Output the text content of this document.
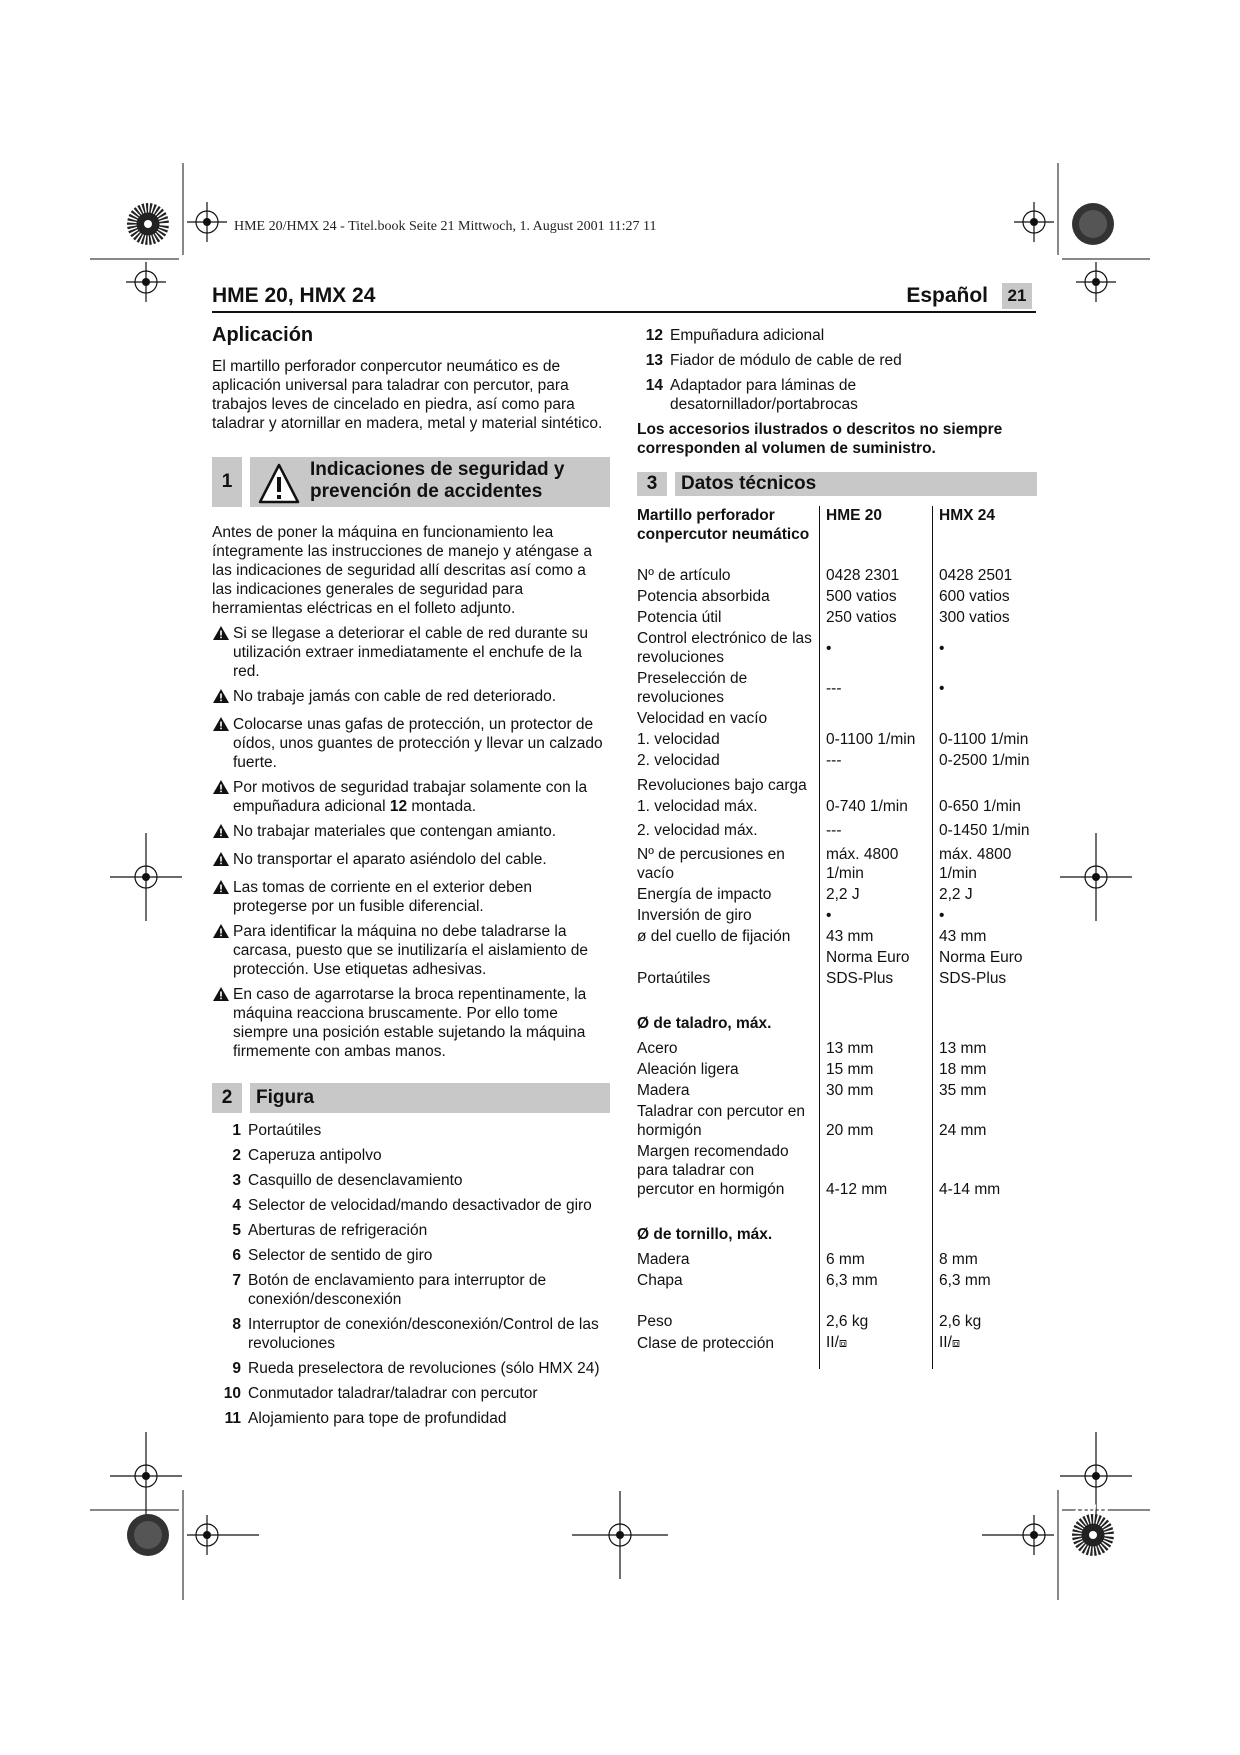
HME 20/HMX 24 - Titel.book Seite 21 Mittwoch, 1. August 2001 11:27 11
HME 20, HMX 24	Español	21
Aplicación

El martillo perforador conpercutor neumático es de aplicación universal para taladrar con percutor, para trabajos leves de cincelado en piedra, así como para taladrar y atornillar en madera, metal y material sintético.

1
Indicaciones de seguridad y prevención de accidentes

Antes de poner la máquina en funcionamiento lea íntegramente las instrucciones de manejo y aténgase a las indicaciones de seguridad allí descritas así como a las indicaciones generales de seguridad para herramientas eléctricas en el folleto adjunto.

Si se llegase a deteriorar el cable de red durante su utilización extraer inmediatamente el enchufe de la red.
No trabaje jamás con cable de red deteriorado.
Colocarse unas gafas de protección, un protector de oídos, unos guantes de protección y llevar un calzado fuerte.
Por motivos de seguridad trabajar solamente con la empuñadura adicional 12 montada.
No trabajar materiales que contengan amianto.
No transportar el aparato asiéndolo del cable.
Las tomas de corriente en el exterior deben protegerse por un fusible diferencial.
Para identificar la máquina no debe taladrarse la carcasa, puesto que se inutilizaría el aislamiento de protección. Use etiquetas adhesivas.
En caso de agarrotarse la broca repentinamente, la máquina reacciona bruscamente. Por ello tome siempre una posición estable sujetando la máquina firmemente con ambas manos.
2	Figura
1 Portaútiles
2 Caperuza antipolvo
3 Casquillo de desenclavamiento
4 Selector de velocidad/mando desactivador de giro
5 Aberturas de refrigeración
6 Selector de sentido de giro
7 Botón de enclavamiento para interruptor de conexión/desconexión
8 Interruptor de conexión/desconexión/Control de las revoluciones
9 Rueda preselectora de revoluciones (sólo HMX 24)
10 Conmutador taladrar/taladrar con percutor
11 Alojamiento para tope de profundidad
12 Empuñadura adicional
13 Fiador de módulo de cable de red
14 Adaptador para láminas de desatornillador/portabrocas

Los accesorios ilustrados o descritos no siempre corresponden al volumen de suministro.

3	Datos técnicos
Martillo perforador conpercutor neumático	HME 20	HMX 24

Nº de artículo	0428 2301	0428 2501
Potencia absorbida	500 vatios	600 vatios
Potencia útil	250 vatios	300 vatios
Control electrónico de las revoluciones	•	•
Preselección de revoluciones	---	•
Velocidad en vacío		
1. velocidad	0-1100 1/min	0-1100 1/min
2. velocidad	---	0-2500 1/min
Revoluciones bajo carga		
1. velocidad máx.	0-740 1/min	0-650 1/min
2. velocidad máx.	---	0-1450 1/min
Nº de percusiones en vacío	máx. 4800 1/min	máx. 4800 1/min
Energía de impacto	2,2 J	2,2 J
Inversión de giro	•	•
ø del cuello de fijación	43 mm	43 mm
	Norma Euro	Norma Euro
Portaútiles	SDS-Plus	SDS-Plus

Ø de taladro, máx.		
Acero	13 mm	13 mm
Aleación ligera	15 mm	18 mm
Madera	30 mm	35 mm
Taladrar con percutor en hormigón	20 mm	24 mm
Margen recomendado para taladrar con percutor en hormigón	4-12 mm	4-14 mm

Ø de tornillo, máx.		
Madera	6 mm	8 mm
Chapa	6,3 mm	6,3 mm

Peso	2,6 kg	2,6 kg
Clase de protección	II/⧈	II/⧈
